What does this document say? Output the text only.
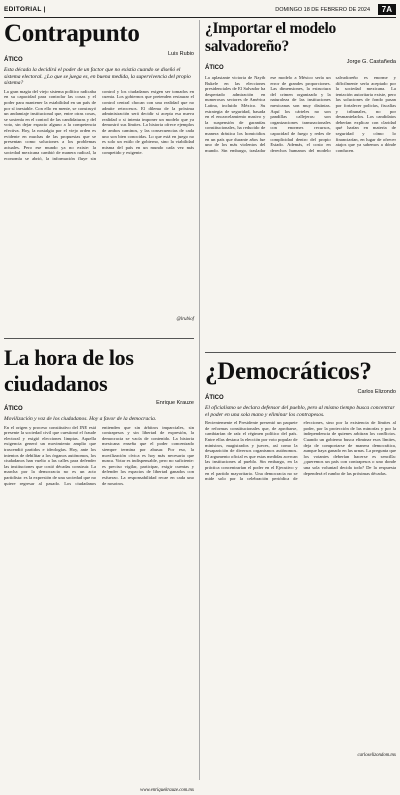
EDITORIAL |	DOMINGO 18 DE FEBRERO DE 2024	7A
Contrapunto
Luis Rubio
ÁTICO

Esta década la decidirá el poder de un factor que no existía cuando se diseñó el sistema electoral. ¿Lo que se juega es, en buena medida, la supervivencia del propio sistema?

La gran magia del viejo sistema político radicaba en su capacidad para controlar las cosas y el poder para mantener la estabilidad en un país de por sí inestable. Con ello en mente, se construyó un andamiaje institucional que, entre otras cosas, se sostenía en el control de las candidaturas y del voto, sin dejar espacio alguno a la competencia efectiva. Hoy, la nostalgia por el viejo orden es evidente en muchas de las propuestas que se presentan como soluciones a los problemas actuales. Pero ese mundo ya no existe: la sociedad mexicana cambió de manera radical, la economía se abrió, la información fluye sin control y los ciudadanos exigen ser tomados en cuenta. Los gobiernos que pretenden restaurar el control central chocan con una realidad que no admite retrocesos. El dilema de la próxima administración será decidir si acepta esa nueva realidad o si intenta imponer un modelo que ya demostró sus límites. La historia ofrece ejemplos de ambos caminos, y las consecuencias de cada uno son bien conocidas. Lo que está en juego no es solo un estilo de gobierno, sino la viabilidad misma del país en un mundo cada vez más competido y exigente.
@lrubiof
¿Importar el modelo salvadoreño?
Jorge G. Castañeda
ÁTICO
La aplastante victoria de Nayib Bukele en las elecciones presidenciales de El Salvador ha despertado admiración en numerosos sectores de América Latina, incluido México. Su estrategia de seguridad, basada en el encarcelamiento masivo y la suspensión de garantías constitucionales, ha reducido de manera drástica los homicidios en un país que durante años fue uno de los más violentos del mundo. Sin embargo, trasladar ese modelo a México sería un error de grandes proporciones. Las dimensiones, la estructura del crimen organizado y la naturaleza de las instituciones mexicanas son muy distintas. Aquí los cárteles no son pandillas callejeras: son organizaciones transnacionales con enormes recursos, capacidad de fuego y redes de complicidad dentro del propio Estado. Además, el costo en derechos humanos del modelo salvadoreño es enorme y difícilmente sería aceptado por la sociedad mexicana. La tentación autoritaria existe, pero las soluciones de fondo pasan por fortalecer policías, fiscalías y tribunales, no por desmantelarlos. Los candidatos deberían explicar con claridad qué harían en materia de seguridad y cómo lo financiarían, en lugar de ofrecer atajos que ya sabemos a dónde conducen.
La hora de los ciudadanos
Enrique Krauze
ÁTICO

Movilización y voz de los ciudadanos. Hoy a favor de la democracia.

En el origen y proceso constitutivo del INE está presente la sociedad civil que cuestionó el fraude electoral y exigió elecciones limpias. Aquella exigencia generó un movimiento amplio que trascendió partidos e ideologías. Hoy, ante los intentos de debilitar a los órganos autónomos, los ciudadanos han vuelto a las calles para defender las instituciones que costó décadas construir. La marcha por la democracia no es un acto partidista: es la expresión de una sociedad que no quiere regresar al pasado. Los ciudadanos entienden que sin árbitros imparciales, sin contrapesos y sin libertad de expresión, la democracia se vacía de contenido. La historia mexicana enseña que el poder concentrado siempre termina por abusar. Por eso, la movilización cívica es hoy más necesaria que nunca. Votar es indispensable, pero no suficiente: es preciso vigilar, participar, exigir cuentas y defender los espacios de libertad ganados con esfuerzo. La responsabilidad recae en cada uno de nosotros.
www.enriquekrauze.com.mx
¿Democráticos?
Carlos Elizondo
ÁTICO

El oficialismo se declara defensor del pueblo, pero al mismo tiempo busca concentrar el poder en una sola mano y eliminar los contrapesos.

Recientemente el Presidente presentó un paquete de reformas constitucionales que, de aprobarse, cambiarían de raíz el régimen político del país. Entre ellas destaca la elección por voto popular de ministros, magistrados y jueces, así como la desaparición de diversos organismos autónomos. El argumento oficial es que estas medidas acercan las instituciones al pueblo. Sin embargo, en la práctica concentrarían el poder en el Ejecutivo y en el partido mayoritario. Una democracia no se mide solo por la celebración periódica de elecciones, sino por la existencia de límites al poder, por la protección de las minorías y por la independencia de quienes arbitran los conflictos. Cuando un gobierno busca eliminar esos límites, deja de comportarse de manera democrática, aunque haya ganado en las urnas. La pregunta que los votantes deberían hacerse es sencilla: ¿queremos un país con contrapesos o uno donde una sola voluntad decida todo? De la respuesta dependerá el rumbo de las próximas décadas.
carloselizondom.mx
